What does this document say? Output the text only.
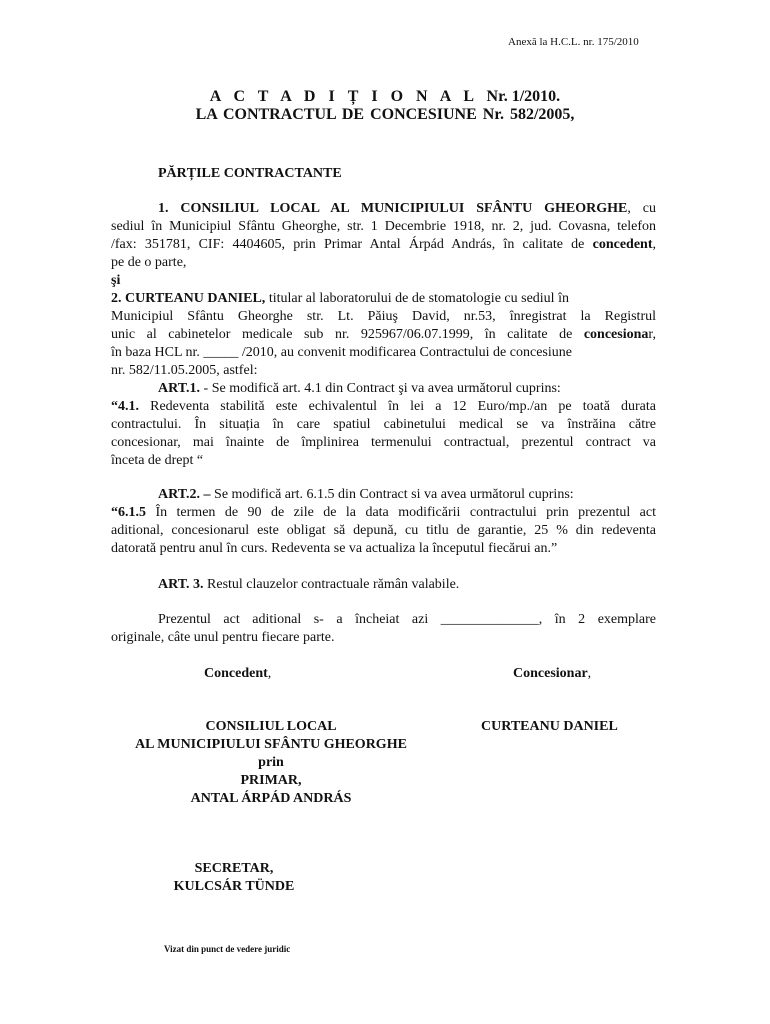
Anexă la H.C.L. nr. 175/2010
A C T A D I Ț I O N A L Nr. 1/2010.
LA CONTRACTUL DE CONCESIUNE Nr. 582/2005,
PĂRȚILE CONTRACTANTE
1. CONSILIUL LOCAL AL MUNICIPIULUI SFÂNTU GHEORGHE, cu
sediul în Municipiul Sfântu Gheorghe, str. 1 Decembrie 1918, nr. 2, jud. Covasna, telefon
/fax: 351781, CIF: 4404605, prin Primar Antal Árpád András, în calitate de concedent,
pe de o parte,
şi
2. CURTEANU DANIEL, titular al laboratorului de de stomatologie cu sediul în
Municipiul Sfântu Gheorghe str. Lt. Păiuş David, nr.53, înregistrat la Registrul
unic al cabinetelor medicale sub nr. 925967/06.07.1999, în calitate de concesionar,
în baza HCL nr. _____ /2010, au convenit modificarea Contractului de concesiune
nr. 582/11.05.2005, astfel:
ART.1. - Se modifică art. 4.1 din Contract şi va avea următorul cuprins:
“4.1. Redeventa stabilită este echivalentul în lei a 12 Euro/mp./an pe toată durata
contractului. În situația în care spatiul cabinetului medical se va înstrăina către
concesionar, mai înainte de împlinirea termenului contractual, prezentul contract va
înceta de drept “
ART.2. – Se modifică art. 6.1.5 din Contract si va avea următorul cuprins:
“6.1.5 În termen de 90 de zile de la data modificării contractului prin prezentul act
aditional, concesionarul este obligat să depună, cu titlu de garantie, 25 % din redeventa
datorată pentru anul în curs. Redeventa se va actualiza la începutul fiecărui an.”
ART. 3. Restul clauzelor contractuale rămân valabile.
Prezentul act aditional s- a încheiat azi ______________, în 2 exemplare
originale, câte unul pentru fiecare parte.
Concedent,	Concesionar,
CONSILIUL LOCAL
AL MUNICIPIULUI SFÂNTU GHEORGHE
prin
PRIMAR,
ANTAL ÁRPÁD ANDRÁS
CURTEANU DANIEL
SECRETAR,
KULCSÁR TÜNDE
Vizat din punct de vedere juridic
